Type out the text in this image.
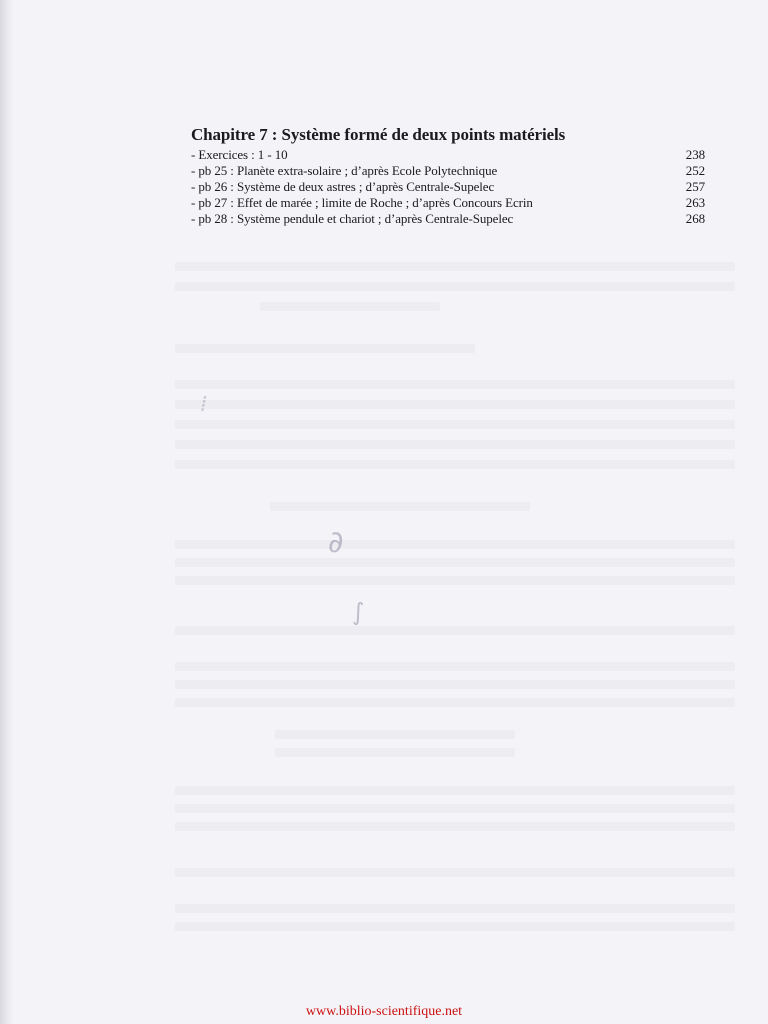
⁞
∂
∫
Chapitre 7 : Système formé de deux points matériels
- Exercices : 1 - 10	238
- pb 25 : Planète extra-solaire ; d’après Ecole Polytechnique	252
- pb 26 : Système de deux astres ; d’après Centrale-Supelec	257
- pb 27 : Effet de marée ; limite de Roche ; d’après Concours Ecrin	263
- pb 28 : Système pendule et chariot ; d’après Centrale-Supelec	268
www.biblio-scientifique.net
